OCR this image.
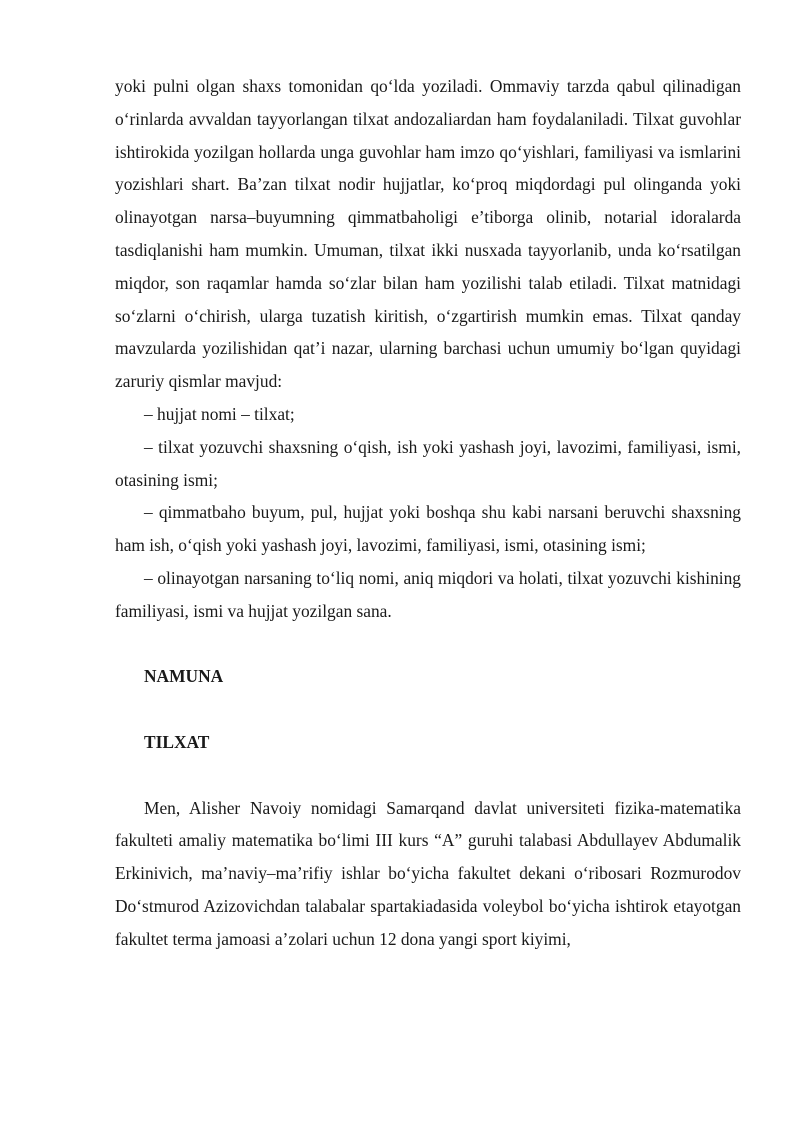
yoki pulni olgan shaxs tomonidan qo‘lda yoziladi. Ommaviy tarzda qabul qilinadigan o‘rinlarda avvaldan tayyorlangan tilxat andozaliardan ham foydalaniladi. Tilxat guvohlar ishtirokida yozilgan hollarda unga guvohlar ham imzo qo‘yishlari, familiyasi va ismlarini yozishlari shart. Ba’zan tilxat nodir hujjatlar, ko‘proq miqdordagi pul olinganda yoki olinayotgan narsa–buyumning qimmatbaholigi e’tiborga olinib, notarial idoralarda tasdiqlanishi ham mumkin. Umuman, tilxat ikki nusxada tayyorlanib, unda ko‘rsatilgan miqdor, son raqamlar hamda so‘zlar bilan ham yozilishi talab etiladi. Tilxat matnidagi so‘zlarni o‘chirish, ularga tuzatish kiritish, o‘zgartirish mumkin emas. Tilxat qanday mavzularda yozilishidan qat’i nazar, ularning barchasi uchun umumiy bo‘lgan quyidagi zaruriy qismlar mavjud:

– hujjat nomi – tilxat;

– tilxat yozuvchi shaxsning o‘qish, ish yoki yashash joyi, lavozimi, familiyasi, ismi, otasining ismi;

– qimmatbaho buyum, pul, hujjat yoki boshqa shu kabi narsani beruvchi shaxsning ham ish, o‘qish yoki yashash joyi, lavozimi, familiyasi, ismi, otasining ismi;

– olinayotgan narsaning to‘liq nomi, aniq miqdori va holati, tilxat yozuvchi kishining familiyasi, ismi va hujjat yozilgan sana.

NAMUNA

TILXAT

Men, Alisher Navoiy nomidagi Samarqand davlat universiteti fizika-matematika fakulteti amaliy matematika bo‘limi III kurs “A” guruhi talabasi Abdullayev Abdumalik Erkinivich, ma’naviy–ma’rifiy ishlar bo‘yicha fakultet dekani o‘ribosari Rozmurodov Do‘stmurod Azizovichdan talabalar spartakiadasida voleybol bo‘yicha ishtirok etayotgan fakultet terma jamoasi a’zolari uchun 12 dona yangi sport kiyimi,
